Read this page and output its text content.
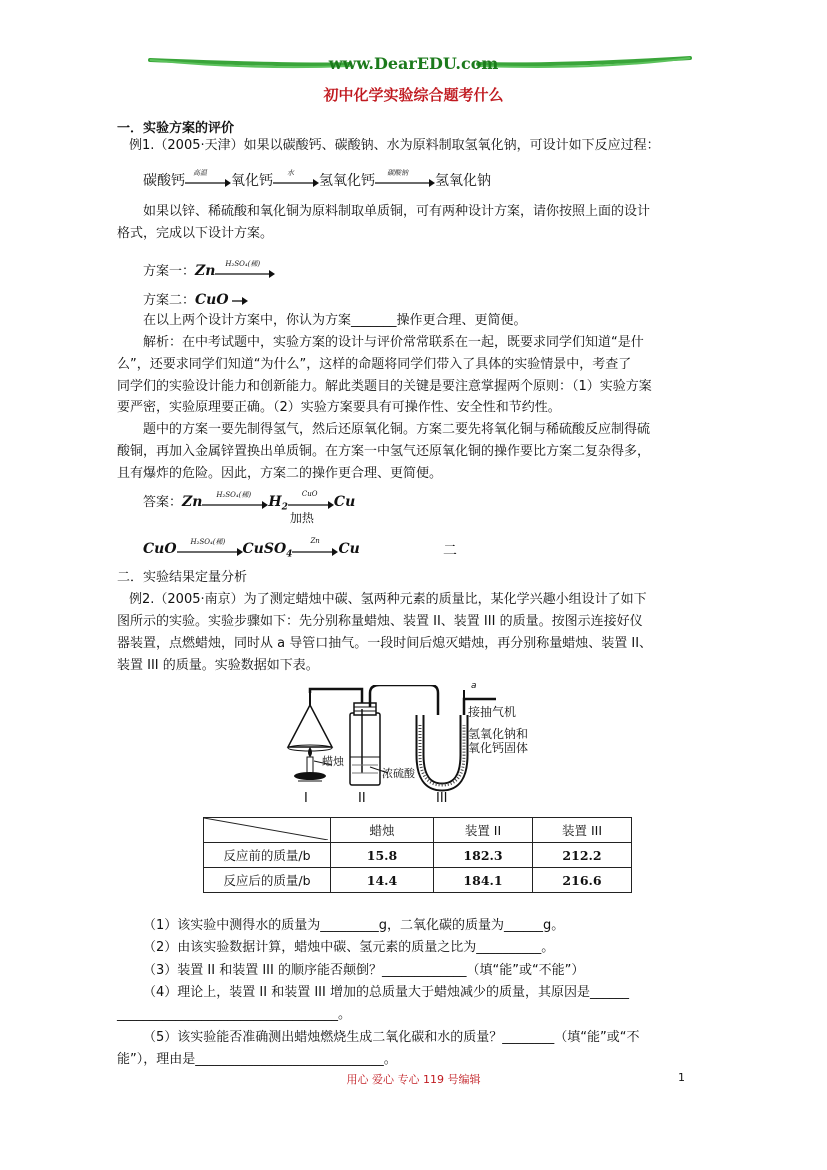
www.DearEDU.com
初中化学实验综合题考什么
一．实验方案的评价
例1.（2005·天津）如果以碳酸钙、碳酸钠、水为原料制取氢氧化钠，可设计如下反应过程：
碳酸钙 高温 氧化钙 水 氢氧化钙 碳酸钠 氢氧化钠
如果以锌、稀硫酸和氧化铜为原料制取单质铜，可有两种设计方案，请你按照上面的设计
格式，完成以下设计方案。
方案一：Zn H₂SO₄(稀)
方案二：CuO
在以上两个设计方案中，你认为方案_______操作更合理、更简便。
解析：在中考试题中，实验方案的设计与评价常常联系在一起，既要求同学们知道“是什
么”，还要求同学们知道“为什么”，这样的命题将同学们带入了具体的实验情景中，考查了
同学们的实验设计能力和创新能力。解此类题目的关键是要注意掌握两个原则：（1）实验方案
要严密，实验原理要正确。（2）实验方案要具有可操作性、安全性和节约性。
题中的方案一要先制得氢气，然后还原氧化铜。方案二要先将氧化铜与稀硫酸反应制得硫
酸铜，再加入金属锌置换出单质铜。在方案一中氢气还原氧化铜的操作要比方案二复杂得多，
且有爆炸的危险。因此，方案二的操作更合理、更简便。
答案：Zn H₂SO₄(稀) $H_2$
CuO
加热
Cu
CuO H₂SO₄(稀) CuSO$_4$
Zn
Cu	二
二．实验结果定量分析
例2.（2005·南京）为了测定蜡烛中碳、氢两种元素的质量比，某化学兴趣小组设计了如下
图所示的实验。实验步骤如下：先分别称量蜡烛、装置 II、装置 III 的质量。按图示连接好仪
器装置，点燃蜡烛，同时从 a 导管口抽气。一段时间后熄灭蜡烛，再分别称量蜡烛、装置 II、
装置 III 的质量。实验数据如下表。
a
接抽气机
氢氧化钠和
氧化钙固体
蜡烛
浓硫酸
I	II	III
	蜡烛	装置 II	装置 III
反应前的质量/b	15.8	182.3	212.2
反应后的质量/b	14.4	184.1	216.6
（1）该实验中测得水的质量为_________g，二氧化碳的质量为______g。
（2）由该实验数据计算，蜡烛中碳、氢元素的质量之比为__________。
（3）装置 II 和装置 III 的顺序能否颠倒？_____________（填“能”或“不能”）
（4）理论上，装置 II 和装置 III 增加的总质量大于蜡烛减少的质量，其原因是______
__________________________________。
（5）该实验能否准确测出蜡烛燃烧生成二氧化碳和水的质量？________（填“能”或“不
能”），理由是_____________________________。
用心 爱心 专心 119 号编辑	1
